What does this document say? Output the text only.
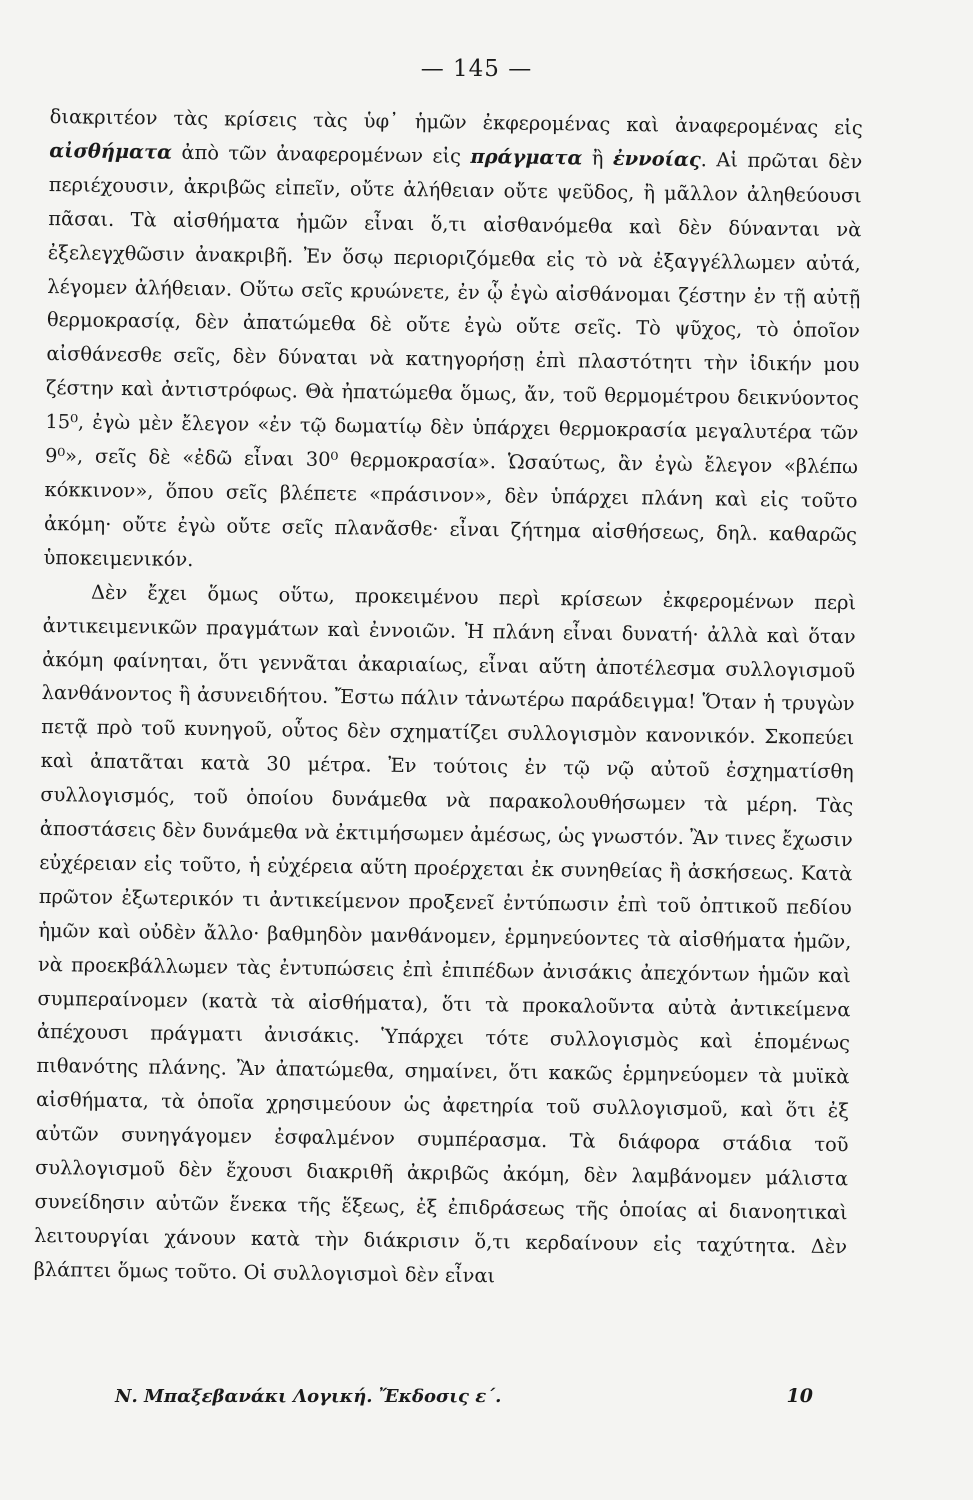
— 145 —

διακριτέον τὰς κρίσεις τὰς ὑφ᾽ ἡμῶν ἐκφερομένας καὶ ἀναφερομένας εἰς αἰσθήματα ἀπὸ τῶν ἀναφερομένων εἰς πράγματα ἢ ἐννοίας. Αἱ πρῶται δὲν περιέχουσιν, ἀκριβῶς εἰπεῖν, οὔτε ἀλήθειαν οὔτε ψεῦδος, ἢ μᾶλλον ἀληθεύουσι πᾶσαι. Τὰ αἰσθήματα ἡμῶν εἶναι ὅ,τι αἰσθανόμεθα καὶ δὲν δύνανται νὰ ἐξελεγχθῶσιν ἀνακριβῆ. Ἐν ὅσῳ περιοριζόμεθα εἰς τὸ νὰ ἐξαγγέλλωμεν αὐτά, λέγομεν ἀλήθειαν. Οὕτω σεῖς κρυώνετε, ἐν ᾧ ἐγὼ αἰσθάνομαι ζέστην ἐν τῇ αὐτῇ θερμοκρασίᾳ, δὲν ἀπατώμεθα δὲ οὔτε ἐγὼ οὔτε σεῖς. Τὸ ψῦχος, τὸ ὁποῖον αἰσθάνεσθε σεῖς, δὲν δύναται νὰ κατηγορήσῃ ἐπὶ πλαστότητι τὴν ἰδικήν μου ζέστην καὶ ἀντιστρόφως. Θὰ ἠπατώμεθα ὅμως, ἄν, τοῦ θερμομέτρου δεικνύοντος 15⁰, ἐγὼ μὲν ἔλεγον «ἐν τῷ δωματίῳ δὲν ὑπάρχει θερμοκρασία μεγαλυτέρα τῶν 9⁰», σεῖς δὲ «ἐδῶ εἶναι 30⁰ θερμοκρασία». Ὡσαύτως, ἂν ἐγὼ ἔλεγον «βλέπω κόκκινον», ὅπου σεῖς βλέπετε «πράσινον», δὲν ὑπάρχει πλάνη καὶ εἰς τοῦτο ἀκόμη· οὔτε ἐγὼ οὔτε σεῖς πλανᾶσθε· εἶναι ζήτημα αἰσθήσεως, δηλ. καθαρῶς ὑποκειμενικόν.

Δὲν ἔχει ὅμως οὕτω, προκειμένου περὶ κρίσεων ἐκφερομένων περὶ ἀντικειμενικῶν πραγμάτων καὶ ἐννοιῶν. Ἡ πλάνη εἶναι δυνατή· ἀλλὰ καὶ ὅταν ἀκόμη φαίνηται, ὅτι γεννᾶται ἀκαριαίως, εἶναι αὕτη ἀποτέλεσμα συλλογισμοῦ λανθάνοντος ἢ ἀσυνειδήτου. Ἔστω πάλιν τἀνωτέρω παράδειγμα! Ὅταν ἡ τρυγὼν πετᾷ πρὸ τοῦ κυνηγοῦ, οὗτος δὲν σχηματίζει συλλογισμὸν κανονικόν. Σκοπεύει καὶ ἀπατᾶται κατὰ 30 μέτρα. Ἐν τούτοις ἐν τῷ νῷ αὐτοῦ ἐσχηματίσθη συλλογισμός, τοῦ ὁποίου δυνάμεθα νὰ παρακολουθήσωμεν τὰ μέρη. Τὰς ἀποστάσεις δὲν δυνάμεθα νὰ ἐκτιμήσωμεν ἀμέσως, ὡς γνωστόν. Ἂν τινες ἔχωσιν εὐχέρειαν εἰς τοῦτο, ἡ εὐχέρεια αὕτη προέρχεται ἐκ συνηθείας ἢ ἀσκήσεως. Κατὰ πρῶτον ἐξωτερικόν τι ἀντικείμενον προξενεῖ ἐντύπωσιν ἐπὶ τοῦ ὀπτικοῦ πεδίου ἡμῶν καὶ οὐδὲν ἄλλο· βαθμηδὸν μανθάνομεν, ἑρμηνεύοντες τὰ αἰσθήματα ἡμῶν, νὰ προεκβάλλωμεν τὰς ἐντυπώσεις ἐπὶ ἐπιπέδων ἀνισάκις ἀπεχόντων ἡμῶν καὶ συμπεραίνομεν (κατὰ τὰ αἰσθήματα), ὅτι τὰ προκαλοῦντα αὐτὰ ἀντικείμενα ἀπέχουσι πράγματι ἀνισάκις. Ὑπάρχει τότε συλλογισμὸς καὶ ἑπομένως πιθανότης πλάνης. Ἂν ἀπατώμεθα, σημαίνει, ὅτι κακῶς ἑρμηνεύομεν τὰ μυϊκὰ αἰσθήματα, τὰ ὁποῖα χρησιμεύουν ὡς ἀφετηρία τοῦ συλλογισμοῦ, καὶ ὅτι ἐξ αὐτῶν συνηγάγομεν ἐσφαλμένον συμπέρασμα. Τὰ διάφορα στάδια τοῦ συλλογισμοῦ δὲν ἔχουσι διακριθῆ ἀκριβῶς ἀκόμη, δὲν λαμβάνομεν μάλιστα συνείδησιν αὐτῶν ἕνεκα τῆς ἕξεως, ἐξ ἐπιδράσεως τῆς ὁποίας αἱ διανοητικαὶ λειτουργίαι χάνουν κατὰ τὴν διάκρισιν ὅ,τι κερδαίνουν εἰς ταχύτητα. Δὲν βλάπτει ὅμως τοῦτο. Οἱ συλλογισμοὶ δὲν εἶναι

Ν. Μπαξεβανάκι Λογική. Ἔκδοσις ε΄.	10
